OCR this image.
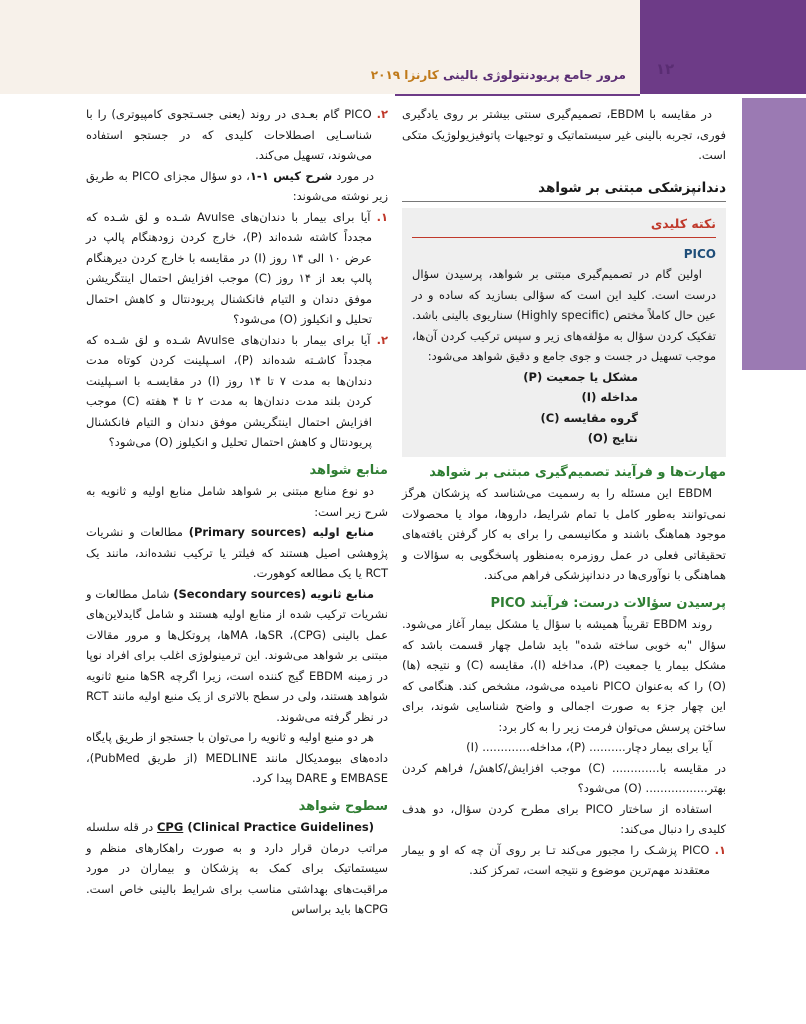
۱۲
مرور جامع پریودنتولوژی بالینی کارنزا ۲۰۱۹

در مقایسه با EBDM، تصمیم‌گیری سنتی بیشتر بر روی یادگیری فوری، تجربه بالینی غیر سیستماتیک و توجیهات پاتوفیزیولوژیک متکی است.

دندانپزشکی مبتنی بر شواهد

نکته کلیدی
PICO

اولین گام در تصمیم‌گیری مبتنی بر شواهد، پرسیدن سؤال درست است. کلید این است که سؤالی بسازید که ساده و در عین حال کاملاً مختص (Highly specific) سناریوی بالینی باشد. تفکیک کردن سؤال به مؤلفه‌های زیر و سپس ترکیب کردن آن‌ها، موجب تسهیل در جست و جوی جامع و دقیق شواهد می‌شود:

مشکل یا جمعیت (P)

مداخله (I)

گروه مقایسه (C)

نتایج (O)

مهارت‌ها و فرآیند تصمیم‌گیری مبتنی بر شواهد

EBDM این مسئله را به رسمیت می‌شناسد که پزشکان هرگز نمی‌توانند به‌طور کامل با تمام شرایط، داروها، مواد یا محصولات موجود هماهنگ باشند و مکانیسمی را برای به کار گرفتن یافته‌های تحقیقاتی فعلی در عمل روزمره به‌منظور پاسخگویی به سؤالات و هماهنگی با نوآوری‌ها در دندانپزشکی فراهم می‌کند.

پرسیدن سؤالات درست: فرآیند PICO

روند EBDM تقریباً همیشه با سؤال یا مشکل بیمار آغاز می‌شود. سؤال "به خوبی ساخته شده" باید شامل چهار قسمت باشد که مشکل بیمار یا جمعیت (P)، مداخله (I)، مقایسه (C) و نتیجه (ها) (O) را که به‌عنوان PICO نامیده می‌شود، مشخص کند. هنگامی که این چهار جزء به صورت اجمالی و واضح شناسایی شوند، برای ساختن پرسش می‌توان فرمت زیر را به کار برد:

آیا برای بیمار دچار.......... (P)، مداخله............. (I)

در مقایسه با............. (C) موجب افزایش/کاهش/ فراهم کردن بهتر................. (O) می‌شود؟

استفاده از ساختار PICO برای مطرح کردن سؤال، دو هدف کلیدی را دنبال می‌کند:

۱. PICO پزشـک را مجبور می‌کند تـا بر روی آن چه که او و بیمار معتقدند مهم‌ترین موضوع و نتیجه است، تمرکز کند.

۲. PICO گام بعـدی در روند (یعنی جسـتجوی کامپیوتری) را با شناسـایی اصطلاحات کلیدی که در جستجو استفاده می‌شوند، تسهیل می‌کند.

در مورد شرح کیس ۱-۱، دو سؤال مجزای PICO به طریق زیر نوشته می‌شوند:

۱. آیا برای بیمار با دندان‌های Avulse شـده و لق شـده که مجدداً کاشته شده‌اند (P)، خارج کردن زودهنگام پالپ در عرض ۱۰ الی ۱۴ روز (I) در مقایسه با خارج کردن دیرهنگام پالپ بعد از ۱۴ روز (C) موجب افزایش احتمال اینتگریشن موفق دندان و التیام فانکشنال پریودنتال و کاهش احتمال تحلیل و انکیلوز (O) می‌شود؟

۲. آیا برای بیمار با دندان‌های Avulse شـده و لق شـده که مجدداً کاشـته شده‌اند (P)، اسـپلینت کردن کوتاه مدت دندان‌ها به مدت ۷ تا ۱۴ روز (I) در مقایسـه با اسـپلینت کردن بلند مدت دندان‌ها به مدت ۲ تا ۴ هفته (C) موجب افزایش احتمال اینتگریشن موفق دندان و التیام فانکشنال پریودنتال و کاهش احتمال تحلیل و انکیلوز (O) می‌شود؟

منابع شواهد

دو نوع منابع مبتنی بر شواهد شامل منابع اولیه و ثانویه به شرح زیر است:

منابع اولیه (Primary sources) مطالعات و نشریات پژوهشی اصیل هستند که فیلتر یا ترکیب نشده‌اند، مانند یک RCT یا یک مطالعه کوهورت.

منابع ثانویه (Secondary sources) شامل مطالعات و نشریات ترکیب شده از منابع اولیه هستند و شامل گایدلاین‌های عمل بالینی (CPG)، SRها، MAها، پروتکل‌ها و مرور مقالات مبتنی بر شواهد می‌شوند. این ترمینولوژی اغلب برای افراد نوپا در زمینه EBDM گیج کننده است، زیرا اگرچه SRها منبع ثانویه شواهد هستند، ولی در سطح بالاتری از یک منبع اولیه مانند RCT در نظر گرفته می‌شوند.

هر دو منبع اولیه و ثانویه را می‌توان با جستجو از طریق پایگاه داده‌های بیومدیکال مانند MEDLINE (از طریق PubMed)، EMBASE و DARE پیدا کرد.

سطوح شواهد

CPG (Clinical Practice Guidelines) در قله سلسله مراتب درمان قرار دارد و به صورت راهکارهای منظم و سیستماتیک برای کمک به پزشکان و بیماران در مورد مراقبت‌های بهداشتی مناسب برای شرایط بالینی خاص است. CPGها باید براساس
